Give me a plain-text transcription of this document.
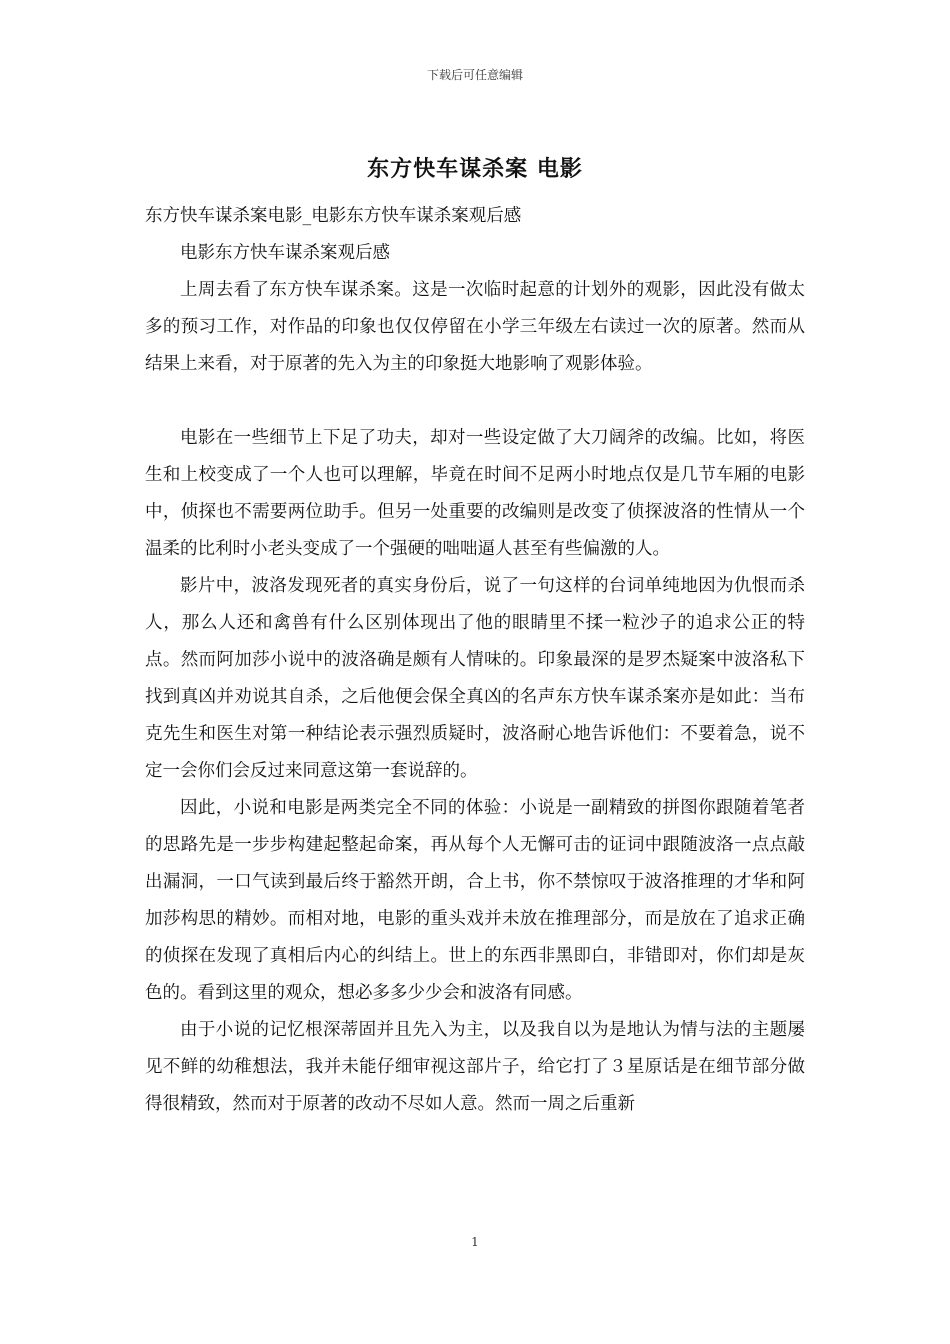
下载后可任意编辑
东方快车谋杀案 电影

东方快车谋杀案电影_电影东方快车谋杀案观后感

电影东方快车谋杀案观后感

上周去看了东方快车谋杀案。这是一次临时起意的计划外的观影，因此没有做太多的预习工作，对作品的印象也仅仅停留在小学三年级左右读过一次的原著。然而从结果上来看，对于原著的先入为主的印象挺大地影响了观影体验。

电影在一些细节上下足了功夫，却对一些设定做了大刀阔斧的改编。比如，将医生和上校变成了一个人也可以理解，毕竟在时间不足两小时地点仅是几节车厢的电影中，侦探也不需要两位助手。但另一处重要的改编则是改变了侦探波洛的性情从一个温柔的比利时小老头变成了一个强硬的咄咄逼人甚至有些偏激的人。

影片中，波洛发现死者的真实身份后，说了一句这样的台词单纯地因为仇恨而杀人，那么人还和禽兽有什么区别体现出了他的眼睛里不揉一粒沙子的追求公正的特点。然而阿加莎小说中的波洛确是颇有人情味的。印象最深的是罗杰疑案中波洛私下找到真凶并劝说其自杀，之后他便会保全真凶的名声东方快车谋杀案亦是如此：当布克先生和医生对第一种结论表示强烈质疑时，波洛耐心地告诉他们：不要着急，说不定一会你们会反过来同意这第一套说辞的。

因此，小说和电影是两类完全不同的体验：小说是一副精致的拼图你跟随着笔者的思路先是一步步构建起整起命案，再从每个人无懈可击的证词中跟随波洛一点点敲出漏洞，一口气读到最后终于豁然开朗，合上书，你不禁惊叹于波洛推理的才华和阿加莎构思的精妙。而相对地，电影的重头戏并未放在推理部分，而是放在了追求正确的侦探在发现了真相后内心的纠结上。世上的东西非黑即白，非错即对，你们却是灰色的。看到这里的观众，想必多多少少会和波洛有同感。

由于小说的记忆根深蒂固并且先入为主，以及我自以为是地认为情与法的主题屡见不鲜的幼稚想法，我并未能仔细审视这部片子，给它打了３星原话是在细节部分做得很精致，然而对于原著的改动不尽如人意。然而一周之后重新

1
